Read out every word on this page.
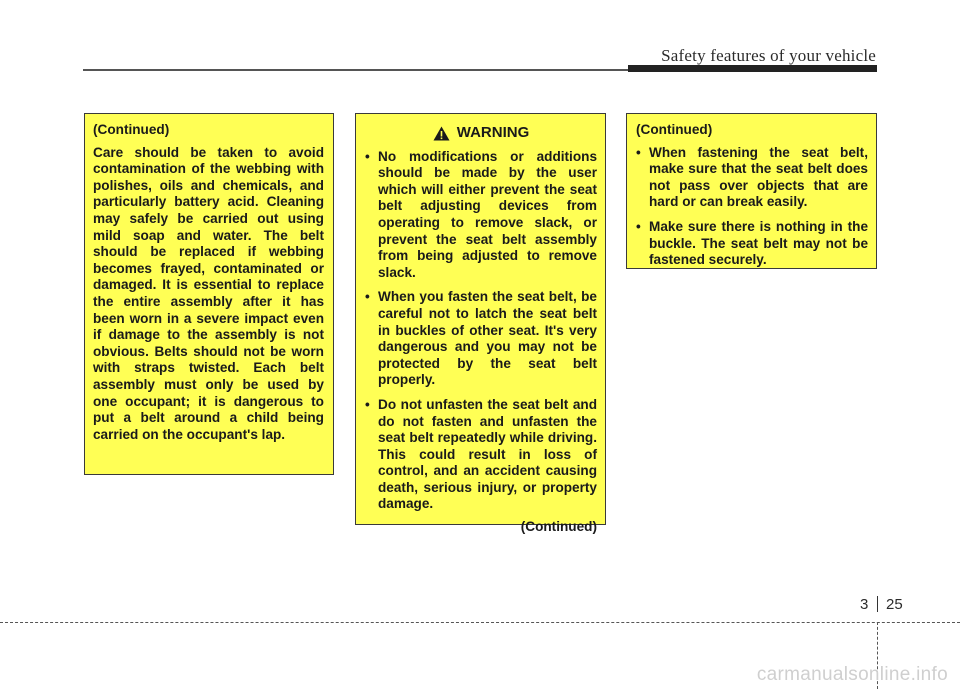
Safety features of your vehicle
(Continued)
Care should be taken to avoid contamination of the webbing with polishes, oils and chemicals, and particularly battery acid. Cleaning may safely be carried out using mild soap and water. The belt should be replaced if webbing becomes frayed, contaminated or damaged. It is essential to replace the entire assembly after it has been worn in a severe impact even if damage to the assembly is not obvious. Belts should not be worn with straps twisted. Each belt assembly must only be used by one occupant; it is dangerous to put a belt around a child being carried on the occupant's lap.
WARNING
• No modifications or additions should be made by the user which will either prevent the seat belt adjusting devices from operating to remove slack, or prevent the seat belt assembly from being adjusted to remove slack.
• When you fasten the seat belt, be careful not to latch the seat belt in buckles of other seat. It's very dangerous and you may not be protected by the seat belt properly.
• Do not unfasten the seat belt and do not fasten and unfasten the seat belt repeatedly while driving. This could result in loss of control, and an accident causing death, serious injury, or property damage.
(Continued)
(Continued)
• When fastening the seat belt, make sure that the seat belt does not pass over objects that are hard or can break easily.
• Make sure there is nothing in the buckle. The seat belt may not be fastened securely.
3 25
carmanualsonline.info
